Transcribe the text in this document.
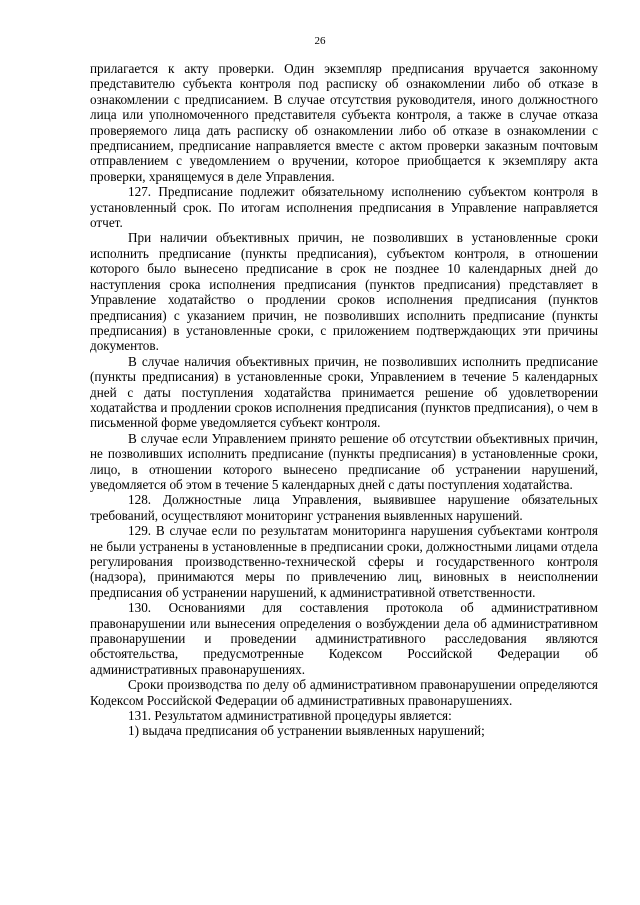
26

прилагается к акту проверки. Один экземпляр предписания вручается законному представителю субъекта контроля под расписку об ознакомлении либо об отказе в ознакомлении с предписанием. В случае отсутствия руководителя, иного должностного лица или уполномоченного представителя субъекта контроля, а также в случае отказа проверяемого лица дать расписку об ознакомлении либо об отказе в ознакомлении с предписанием, предписание направляется вместе с актом проверки заказным почтовым отправлением с уведомлением о вручении, которое приобщается к экземпляру акта проверки, хранящемуся в деле Управления.

127. Предписание подлежит обязательному исполнению субъектом контроля в установленный срок. По итогам исполнения предписания в Управление направляется отчет.

При наличии объективных причин, не позволивших в установленные сроки исполнить предписание (пункты предписания), субъектом контроля, в отношении которого было вынесено предписание в срок не позднее 10 календарных дней до наступления срока исполнения предписания (пунктов предписания) представляет в Управление ходатайство о продлении сроков исполнения предписания (пунктов предписания) с указанием причин, не позволивших исполнить предписание (пункты предписания) в установленные сроки, с приложением подтверждающих эти причины документов.

В случае наличия объективных причин, не позволивших исполнить предписание (пункты предписания) в установленные сроки, Управлением в течение 5 календарных дней с даты поступления ходатайства принимается решение об удовлетворении ходатайства и продлении сроков исполнения предписания (пунктов предписания), о чем в письменной форме уведомляется субъект контроля.

В случае если Управлением принято решение об отсутствии объективных причин, не позволивших исполнить предписание (пункты предписания) в установленные сроки, лицо, в отношении которого вынесено предписание об устранении нарушений, уведомляется об этом в течение 5 календарных дней с даты поступления ходатайства.

128. Должностные лица Управления, выявившее нарушение обязательных требований, осуществляют мониторинг устранения выявленных нарушений.

129. В случае если по результатам мониторинга нарушения субъектами контроля не были устранены в установленные в предписании сроки, должностными лицами отдела регулирования производственно-технической сферы и государственного контроля (надзора), принимаются меры по привлечению лиц, виновных в неисполнении предписания об устранении нарушений, к административной ответственности.

130. Основаниями для составления протокола об административном правонарушении или вынесения определения о возбуждении дела об административном правонарушении и проведении административного расследования являются обстоятельства, предусмотренные Кодексом Российской Федерации об административных правонарушениях.

Сроки производства по делу об административном правонарушении определяются Кодексом Российской Федерации об административных правонарушениях.

131. Результатом административной процедуры является:

1) выдача предписания об устранении выявленных нарушений;
